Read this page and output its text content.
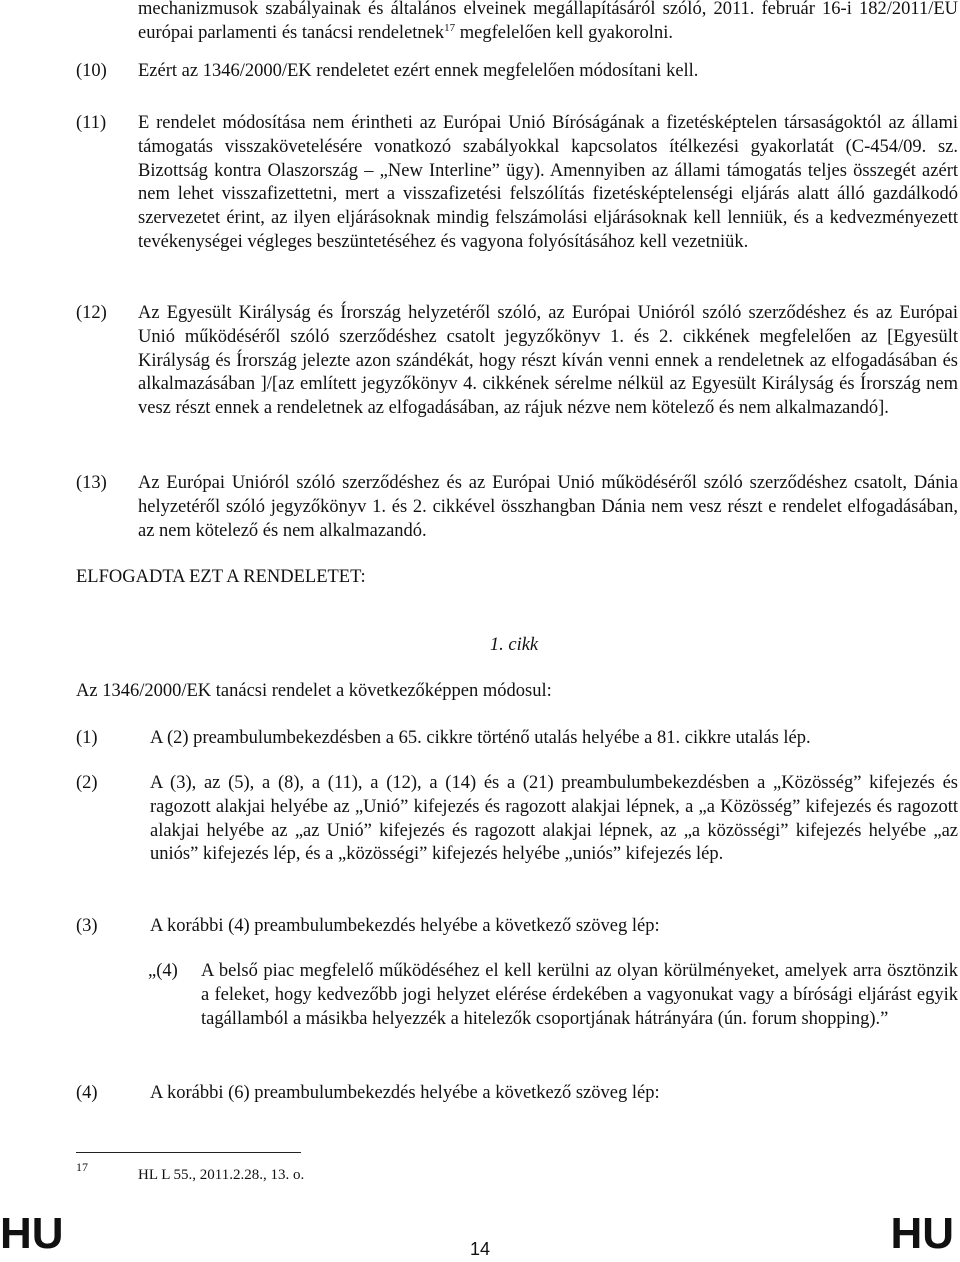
mechanizmusok szabályainak és általános elveinek megállapításáról szóló, 2011. február 16-i 182/2011/EU európai parlamenti és tanácsi rendeletnek$^{17}$ megfelelően kell gyakorolni.
(10)	Ezért az 1346/2000/EK rendeletet ezért ennek megfelelően módosítani kell.
(11)	E rendelet módosítása nem érintheti az Európai Unió Bíróságának a fizetésképtelen társaságoktól az állami támogatás visszakövetelésére vonatkozó szabályokkal kapcsolatos ítélkezési gyakorlatát (C-454/09. sz. Bizottság kontra Olaszország – „New Interline” ügy). Amennyiben az állami támogatás teljes összegét azért nem lehet visszafizettetni, mert a visszafizetési felszólítás fizetésképtelenségi eljárás alatt álló gazdálkodó szervezetet érint, az ilyen eljárásoknak mindig felszámolási eljárásoknak kell lenniük, és a kedvezményezett tevékenységei végleges beszüntetéséhez és vagyona folyósításához kell vezetniük.
(12)	Az Egyesült Királyság és Írország helyzetéről szóló, az Európai Unióról szóló szerződéshez és az Európai Unió működéséről szóló szerződéshez csatolt jegyzőkönyv 1. és 2. cikkének megfelelően az [Egyesült Királyság és Írország jelezte azon szándékát, hogy részt kíván venni ennek a rendeletnek az elfogadásában és alkalmazásában ]/[az említett jegyzőkönyv 4. cikkének sérelme nélkül az Egyesült Királyság és Írország nem vesz részt ennek a rendeletnek az elfogadásában, az rájuk nézve nem kötelező és nem alkalmazandó].
(13)	Az Európai Unióról szóló szerződéshez és az Európai Unió működéséről szóló szerződéshez csatolt, Dánia helyzetéről szóló jegyzőkönyv 1. és 2. cikkével összhangban Dánia nem vesz részt e rendelet elfogadásában, az nem kötelező és nem alkalmazandó.
ELFOGADTA EZT A RENDELETET:
1. cikk
Az 1346/2000/EK tanácsi rendelet a következőképpen módosul:
(1)	A (2) preambulumbekezdésben a 65. cikkre történő utalás helyébe a 81. cikkre utalás lép.
(2)	A (3), az (5), a (8), a (11), a (12), a (14) és a (21) preambulumbekezdésben a „Közösség” kifejezés és ragozott alakjai helyébe az „Unió” kifejezés és ragozott alakjai lépnek, a „a Közösség” kifejezés és ragozott alakjai helyébe az „az Unió” kifejezés és ragozott alakjai lépnek, az „a közösségi” kifejezés helyébe „az uniós” kifejezés lép, és a „közösségi” kifejezés helyébe „uniós” kifejezés lép.
(3)	A korábbi (4) preambulumbekezdés helyébe a következő szöveg lép:
„(4)	A belső piac megfelelő működéséhez el kell kerülni az olyan körülményeket, amelyek arra ösztönzik a feleket, hogy kedvezőbb jogi helyzet elérése érdekében a vagyonukat vagy a bírósági eljárást egyik tagállamból a másikba helyezzék a hitelezők csoportjának hátrányára (ún. forum shopping).”
(4)	A korábbi (6) preambulumbekezdés helyébe a következő szöveg lép:
17	HL L 55., 2011.2.28., 13. o.
HU	14	HU
